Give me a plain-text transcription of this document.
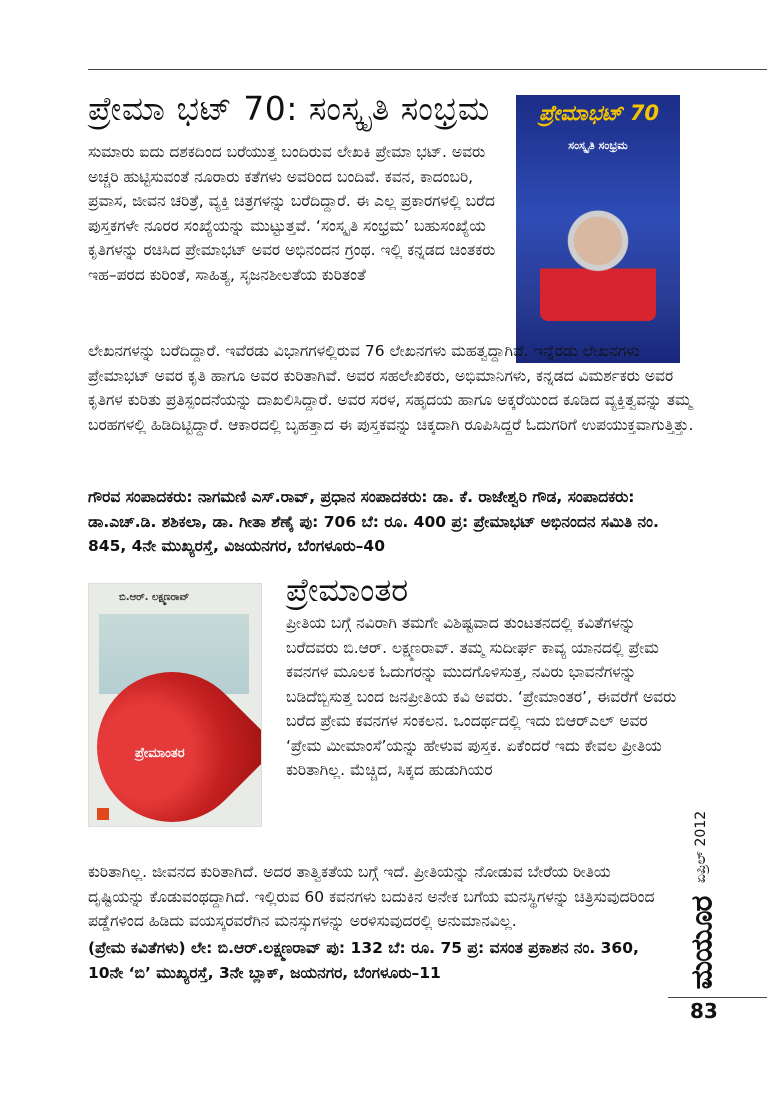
ಪ್ರೇಮಾ ಭಟ್ 70: ಸಂಸ್ಕೃತಿ ಸಂಭ್ರಮ	ಪ್ರೇಮಾಭಟ್ 70
ಸಂಸ್ಕೃತಿ ಸಂಭ್ರಮ

ಸುಮಾರು ಐದು ದಶಕದಿಂದ ಬರೆಯುತ್ತ ಬಂದಿರುವ ಲೇಖಕಿ ಪ್ರೇಮಾ ಭಟ್. ಅವರು ಅಚ್ಚರಿ ಹುಟ್ಟಿಸುವಂತೆ ನೂರಾರು ಕತೆಗಳು ಅವರಿಂದ ಬಂದಿವೆ. ಕವನ, ಕಾದಂಬರಿ, ಪ್ರವಾಸ, ಜೀವನ ಚರಿತ್ರೆ, ವ್ಯಕ್ತಿ ಚಿತ್ರಗಳನ್ನು ಬರೆದಿದ್ದಾರೆ. ಈ ಎಲ್ಲ ಪ್ರಕಾರಗಳಲ್ಲಿ ಬರೆದ ಪುಸ್ತಕಗಳೇ ನೂರರ ಸಂಖ್ಯೆಯನ್ನು ಮುಟ್ಟುತ್ತವೆ. ‘ಸಂಸ್ಕೃತಿ ಸಂಭ್ರಮ’ ಬಹುಸಂಖ್ಯೆಯ ಕೃತಿಗಳನ್ನು ರಚಿಸಿದ ಪ್ರೇಮಾಭಟ್ ಅವರ ಅಭಿನಂದನ ಗ್ರಂಥ. ಇಲ್ಲಿ ಕನ್ನಡದ ಚಿಂತಕರು ಇಹ–ಪರದ ಕುರಿಂತೆ, ಸಾಹಿತ್ಯ, ಸೃಜನಶೀಲತೆಯ ಕುರಿತಂತೆ

ಲೇಖನಗಳನ್ನು ಬರೆದಿದ್ದಾರೆ. ಇವೆರಡು ವಿಭಾಗಗಳಲ್ಲಿರುವ 76 ಲೇಖನಗಳು ಮಹತ್ವದ್ದಾಗಿವೆ. ಇನ್ನೆರಡು ಲೇಖನಗಳು ಪ್ರೇಮಾಭಟ್ ಅವರ ಕೃತಿ ಹಾಗೂ ಅವರ ಕುರಿತಾಗಿವೆ. ಅವರ ಸಹಲೇಖಿಕರು, ಅಭಿಮಾನಿಗಳು, ಕನ್ನಡದ ವಿಮರ್ಶಕರು ಅವರ ಕೃತಿಗಳ ಕುರಿತು ಪ್ರತಿಸ್ಪಂದನೆಯನ್ನು ದಾಖಲಿಸಿದ್ದಾರೆ. ಅವರ ಸರಳ, ಸಹೃದಯ ಹಾಗೂ ಅಕ್ಕರೆಯಿಂದ ಕೂಡಿದ ವ್ಯಕ್ತಿತ್ವವನ್ನು ತಮ್ಮ ಬರಹಗಳಲ್ಲಿ ಹಿಡಿದಿಟ್ಟಿದ್ದಾರೆ. ಆಕಾರದಲ್ಲಿ ಬೃಹತ್ತಾದ ಈ ಪುಸ್ತಕವನ್ನು ಚಿಕ್ಕದಾಗಿ ರೂಪಿಸಿದ್ದರೆ ಓದುಗರಿಗೆ ಉಪಯುಕ್ತವಾಗುತ್ತಿತ್ತು.

ಗೌರವ ಸಂಪಾದಕರು: ನಾಗಮಣಿ ಎಸ್.ರಾವ್, ಪ್ರಧಾನ ಸಂಪಾದಕರು: ಡಾ. ಕೆ. ರಾಜೇಶ್ವರಿ ಗೌಡ, ಸಂಪಾದಕರು: ಡಾ.ಎಚ್.ಡಿ. ಶಶಿಕಲಾ, ಡಾ. ಗೀತಾ ಶೆಣೈ ಪು: 706 ಬೆ: ರೂ. 400 ಪ್ರ: ಪ್ರೇಮಾಭಟ್ ಅಭಿನಂದನ ಸಮಿತಿ ನಂ. 845, 4ನೇ ಮುಖ್ಯರಸ್ತೆ, ವಿಜಯನಗರ, ಬೆಂಗಳೂರು–40

ಪ್ರೇಮಾಂತರ
ಬಿ.ಆರ್. ಲಕ್ಷ್ಮಣರಾವ್
ಪ್ರೇಮಾಂತರ

ಪ್ರೀತಿಯ ಬಗ್ಗೆ ನವಿರಾಗಿ ತಮಗೇ ವಿಶಿಷ್ಟವಾದ ತುಂಟತನದಲ್ಲಿ ಕವಿತೆಗಳನ್ನು ಬರೆದವರು ಬಿ.ಆರ್. ಲಕ್ಷ್ಮಣರಾವ್. ತಮ್ಮ ಸುದೀರ್ಘ ಕಾವ್ಯ ಯಾನದಲ್ಲಿ ಪ್ರೇಮ ಕವನಗಳ ಮೂಲಕ ಓದುಗರನ್ನು ಮುದಗೊಳಿಸುತ್ತ, ನವಿರು ಭಾವನೆಗಳನ್ನು ಬಡಿದೆಬ್ಬಿಸುತ್ತ ಬಂದ ಜನಪ್ರೀತಿಯ ಕವಿ ಅವರು. ‘ಪ್ರೇಮಾಂತರ’, ಈವರೆಗೆ ಅವರು ಬರೆದ ಪ್ರೇಮ ಕವನಗಳ ಸಂಕಲನ. ಒಂದರ್ಥದಲ್ಲಿ ಇದು ಬಿಆರ್‌ಎಲ್ ಅವರ ‘ಪ್ರೇಮ ಮೀಮಾಂಸೆ’ಯನ್ನು ಹೇಳುವ ಪುಸ್ತಕ. ಏಕೆಂದರೆ ಇದು ಕೇವಲ ಪ್ರೀತಿಯ ಕುರಿತಾಗಿಲ್ಲ. ಮೆಚ್ಚಿದ, ಸಿಕ್ಕದ ಹುಡುಗಿಯರ

ಕುರಿತಾಗಿಲ್ಲ. ಜೀವನದ ಕುರಿತಾಗಿದೆ. ಅದರ ತಾತ್ವಿಕತೆಯ ಬಗ್ಗೆ ಇದೆ. ಪ್ರೀತಿಯನ್ನು ನೋಡುವ ಬೇರೆಯ ರೀತಿಯ ದೃಷ್ಟಿಯನ್ನು ಕೊಡುವಂಥದ್ದಾಗಿದೆ. ಇಲ್ಲಿರುವ 60 ಕವನಗಳು ಬದುಕಿನ ಅನೇಕ ಬಗೆಯ ಮನಸ್ಥಿಗಳನ್ನು ಚಿತ್ರಿಸುವುದರಿಂದ ಪಡ್ಡೆಗಳಿಂದ ಹಿಡಿದು ವಯಸ್ಕರವರೆಗಿನ ಮನಸ್ಸುಗಳನ್ನು ಅರಳಿಸುವುದರಲ್ಲಿ ಅನುಮಾನವಿಲ್ಲ.

(ಪ್ರೇಮ ಕವಿತೆಗಳು) ಲೇ: ಬಿ.ಆರ್.ಲಕ್ಷ್ಮಣರಾವ್ ಪು: 132 ಬೆ: ರೂ. 75 ಪ್ರ: ವಸಂತ ಪ್ರಕಾಶನ ನಂ. 360, 10ನೇ ‘ಬಿ’ ಮುಖ್ಯರಸ್ತೆ, 3ನೇ ಬ್ಲಾಕ್, ಜಯನಗರ, ಬೆಂಗಳೂರು–11

ಏಪ್ರಿಲ್ 2012
ಮಯೂರ
83
